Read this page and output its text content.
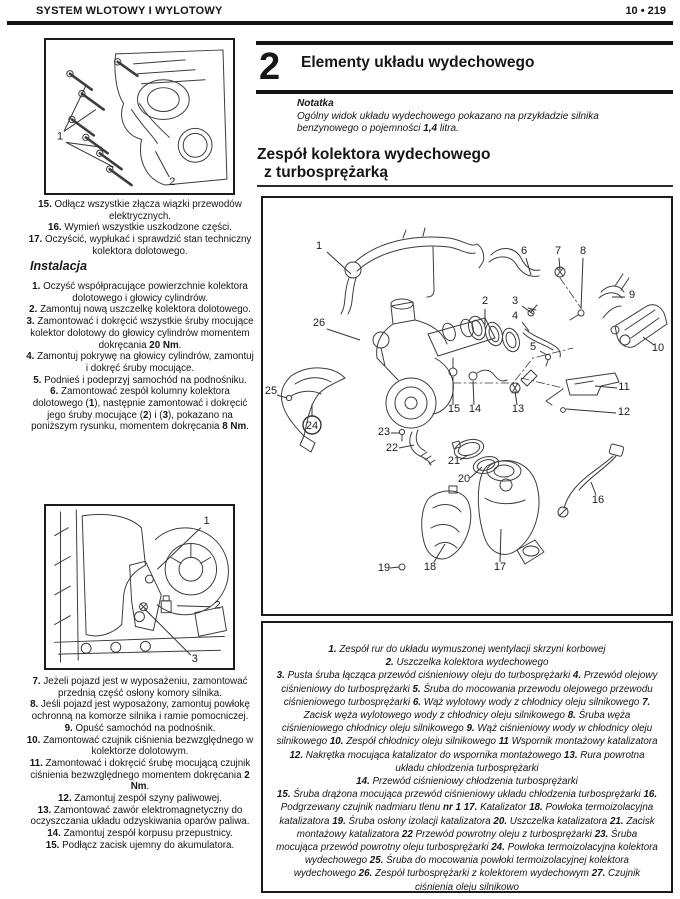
SYSTEM WLOTOWY I WYLOTOWY	10 • 219
1
2
15. Odłącz wszystkie złącza wiązki przewodów elektrycznych.
16. Wymień wszystkie uszkodzone części.
17. Oczyścić, wypłukać i sprawdzić stan techniczny kolektora dolotowego.
Instalacja
1. Oczyść współpracujące powierzchnie kolektora dolotowego i głowicy cylindrów.
2. Zamontuj nową uszczelkę kolektora dolotowego.
3. Zamontować i dokręcić wszystkie śruby mocujące kolektor dolotowy do głowicy cylindrów momentem dokręcania 20 Nm.
4. Zamontuj pokrywę na głowicy cylindrów, zamontuj i dokręć śruby mocujące.
5. Podnieś i podeprzyj samochód na podnośniku.
6. Zamontować zespół kolumny kolektora dolotowego (1), następnie zamontować i dokręcić jego śruby mocujące (2) i (3), pokazano na poniższym rysunku, momentem dokręcania 8 Nm.
1
2
3
7. Jeżeli pojazd jest w wyposażeniu, zamontować przednią część osłony komory silnika.
8. Jeśli pojazd jest wyposażony, zamontuj powłokę ochronną na komorze silnika i ramie pomocniczej.
9. Opuść samochód na podnośnik.
10. Zamontować czujnik ciśnienia bezwzględnego w kolektorze dolotowym.
11. Zamontować i dokręcić śrubę mocującą czujnik ciśnienia bezwzględnego momentem dokręcania 2 Nm.
12. Zamontuj zespół szyny paliwowej.
13. Zamontować zawór elektromagnetyczny do oczyszczania układu odzyskiwania oparów paliwa.
14. Zamontuj zespół korpusu przepustnicy.
15. Podłącz zacisk ujemny do akumulatora.
2 Elementy układu wydechowego
Notatka
Ogólny widok układu wydechowego pokazano na przykładzie silnika benzynowego o pojemności 1,4 litra.
Zespół kolektora wydechowego
z turbosprężarką
1
2 3
4
5
6	7 8
9
10
11
12
13
14
15
16
17
18
19
20
21
22
23
24
25
26
1. Zespół rur do układu wymuszonej wentylacji skrzyni korbowej
2. Uszczelka kolektora wydechowego
3. Pusta śruba łącząca przewód ciśnieniowy oleju do turbosprężarki 4. Przewód olejowy ciśnieniowy do turbosprężarki 5. Śruba do mocowania przewodu olejowego przewodu ciśnieniowego turbosprężarki 6. Wąż wylotowy wody z chłodnicy oleju silnikowego 7. Zacisk węża wylotowego wody z chłodnicy oleju silnikowego 8. Śruba węża ciśnieniowego chłodnicy oleju silnikowego 9. Wąż ciśnieniowy wody w chłodnicy oleju silnikowego 10. Zespół chłodnicy oleju silnikowego 11 Wspornik montażowy katalizatora 12. Nakrętka mocująca katalizator do wspornika montażowego 13. Rura powrotna układu chłodzenia turbosprężarki
14. Przewód ciśnieniowy chłodzenia turbosprężarki
15. Śruba drążona mocująca przewód ciśnieniowy układu chłodzenia turbosprężarki 16. Podgrzewany czujnik nadmiaru tlenu nr 1 17. Katalizator 18. Powłoka termoizolacyjna katalizatora 19. Śruba osłony izolacji katalizatora 20. Uszczelka katalizatora 21. Zacisk montażowy katalizatora 22 Przewód powrotny oleju z turbosprężarki 23. Śruba mocująca przewód powrotny oleju turbosprężarki 24. Powłoka termoizolacyjna kolektora wydechowego 25. Śruba do mocowania powłoki termoizolacyjnej kolektora wydechowego 26. Zespół turbosprężarki z kolektorem wydechowym 27. Czujnik ciśnienia oleju silnikowo
